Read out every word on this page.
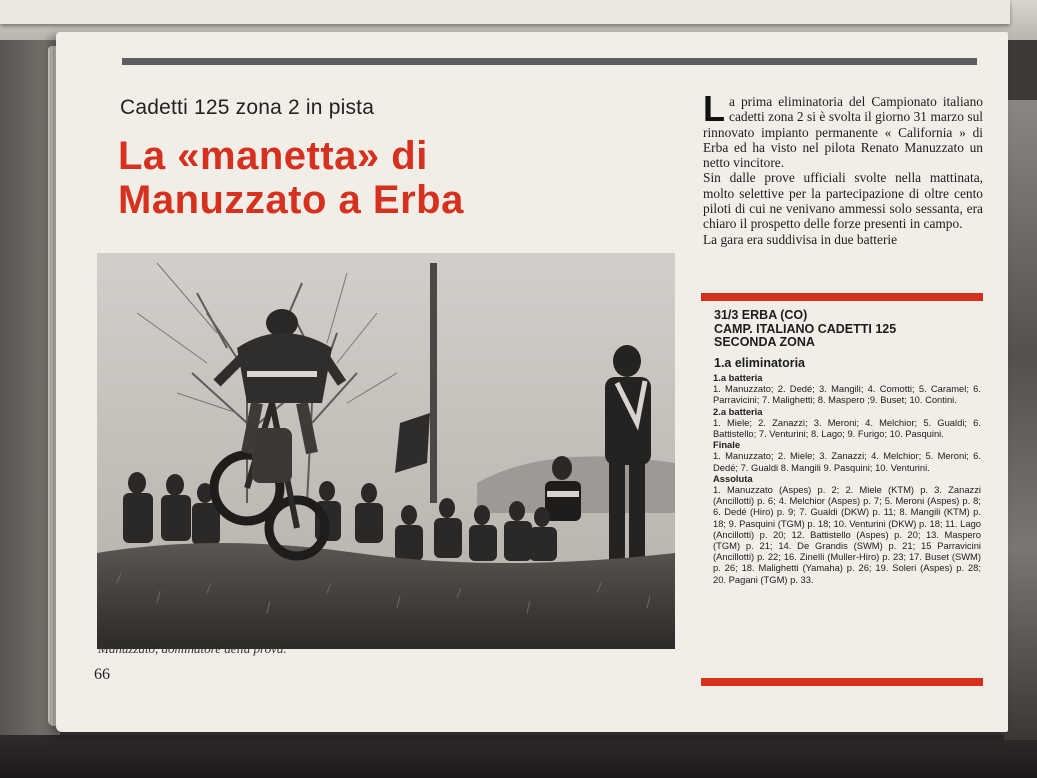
Cadetti 125 zona 2 in pista
La «manetta» di
Manuzzato a Erba
Manuzzato, dominatore della prova.
66

La prima eliminatoria del Campionato italiano cadetti zona 2 si è svolta il giorno 31 marzo sul rinnovato impianto permanente « California » di Erba ed ha visto nel pilota Renato Manuzzato un netto vincitore.

Sin dalle prove ufficiali svolte nella mattinata, molto selettive per la partecipazione di oltre cento piloti di cui ne venivano ammessi solo sessanta, era chiaro il prospetto delle forze presenti in campo.

La gara era suddivisa in due batterie

31/3 ERBA (CO)
CAMP. ITALIANO CADETTI 125
SECONDA ZONA
1.a eliminatoria
1.a batteria
1. Manuzzato; 2. Dedé; 3. Mangili; 4. Comotti; 5. Caramel; 6. Parravicini; 7. Malighetti; 8. Maspero ;9. Buset; 10. Contini.
2.a batteria
1. Miele; 2. Zanazzi; 3. Meroni; 4. Melchior; 5. Gualdi; 6. Battistello; 7. Venturini; 8. Lago; 9. Furigo; 10. Pasquini.
Finale
1. Manuzzato; 2. Miele; 3. Zanazzi; 4. Melchior; 5. Meroni; 6. Dedé; 7. Gualdi 8. Mangili 9. Pasquini; 10. Venturini.
Assoluta
1. Manuzzato (Aspes) p. 2; 2. Miele (KTM) p. 3. Zanazzi (Ancillotti) p. 6; 4. Melchior (Aspes) p. 7; 5. Meroni (Aspes) p. 8; 6. Dedé (Hiro) p. 9; 7. Gualdi (DKW) p. 11; 8. Mangili (KTM) p. 18; 9. Pasquini (TGM) p. 18; 10. Venturini (DKW) p. 18; 11. Lago (Ancillotti) p. 20; 12. Battistello (Aspes) p. 20; 13. Maspero (TGM) p. 21; 14. De Grandis (SWM) p. 21; 15 Parravicini (Ancillotti) p. 22; 16. Zinelli (Muller-Hiro) p. 23; 17. Buset (SWM) p. 26; 18. Malighetti (Yamaha) p. 26; 19. Soleri (Aspes) p. 28; 20. Pagani (TGM) p. 33.
